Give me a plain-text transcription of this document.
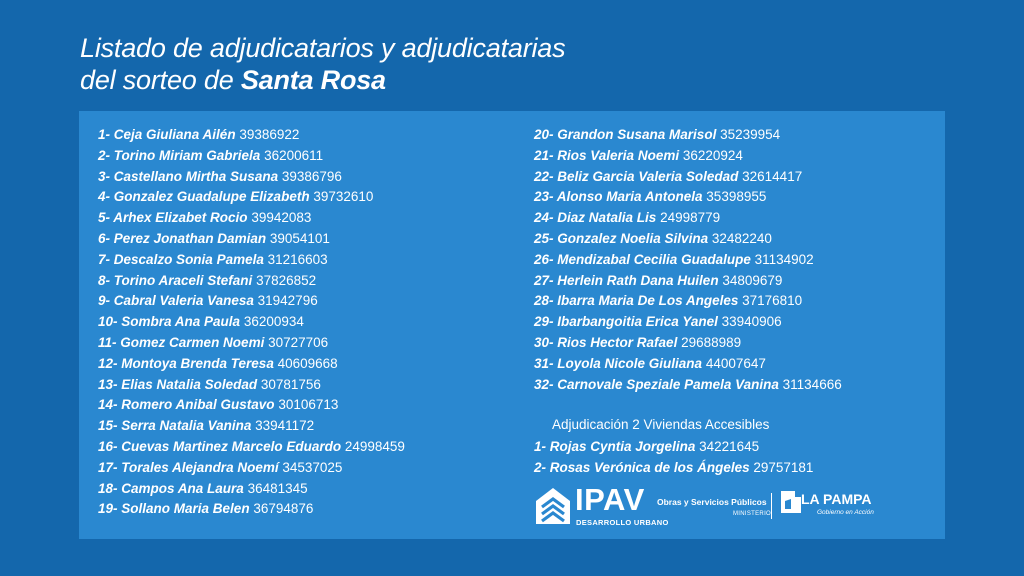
Listado de adjudicatarios y adjudicatarias
del sorteo de Santa Rosa
1- Ceja Giuliana Ailén 39386922
2- Torino Miriam Gabriela 36200611
3- Castellano Mirtha Susana 39386796
4- Gonzalez Guadalupe Elizabeth 39732610
5- Arhex Elizabet Rocio 39942083
6- Perez Jonathan Damian 39054101
7- Descalzo Sonia Pamela 31216603
8- Torino Araceli Stefani 37826852
9- Cabral Valeria Vanesa 31942796
10- Sombra Ana Paula 36200934
11- Gomez Carmen Noemi 30727706
12- Montoya Brenda Teresa 40609668
13- Elias Natalia Soledad 30781756
14- Romero Anibal Gustavo 30106713
15- Serra Natalia Vanina 33941172
16- Cuevas Martinez Marcelo Eduardo 24998459
17- Torales Alejandra Noemí 34537025
18- Campos Ana Laura 36481345
19- Sollano Maria Belen 36794876
20- Grandon Susana Marisol 35239954
21- Rios Valeria Noemi 36220924
22- Beliz Garcia Valeria Soledad 32614417
23- Alonso Maria Antonela 35398955
24- Diaz Natalia Lis 24998779
25- Gonzalez Noelia Silvina 32482240
26- Mendizabal Cecilia Guadalupe 31134902
27- Herlein Rath Dana Huilen 34809679
28- Ibarra Maria De Los Angeles 37176810
29- Ibarbangoitia Erica Yanel 33940906
30- Rios Hector Rafael 29688989
31- Loyola Nicole Giuliana 44007647
32- Carnovale Speziale Pamela Vanina 31134666
Adjudicación 2 Viviendas Accesibles
1- Rojas Cyntia Jorgelina 34221645
2- Rosas Verónica de los Ángeles 29757181
IPAV
DESARROLLO URBANO
Obras y Servicios Públicos
MINISTERIO
LA PAMPA
Gobierno en Acción
